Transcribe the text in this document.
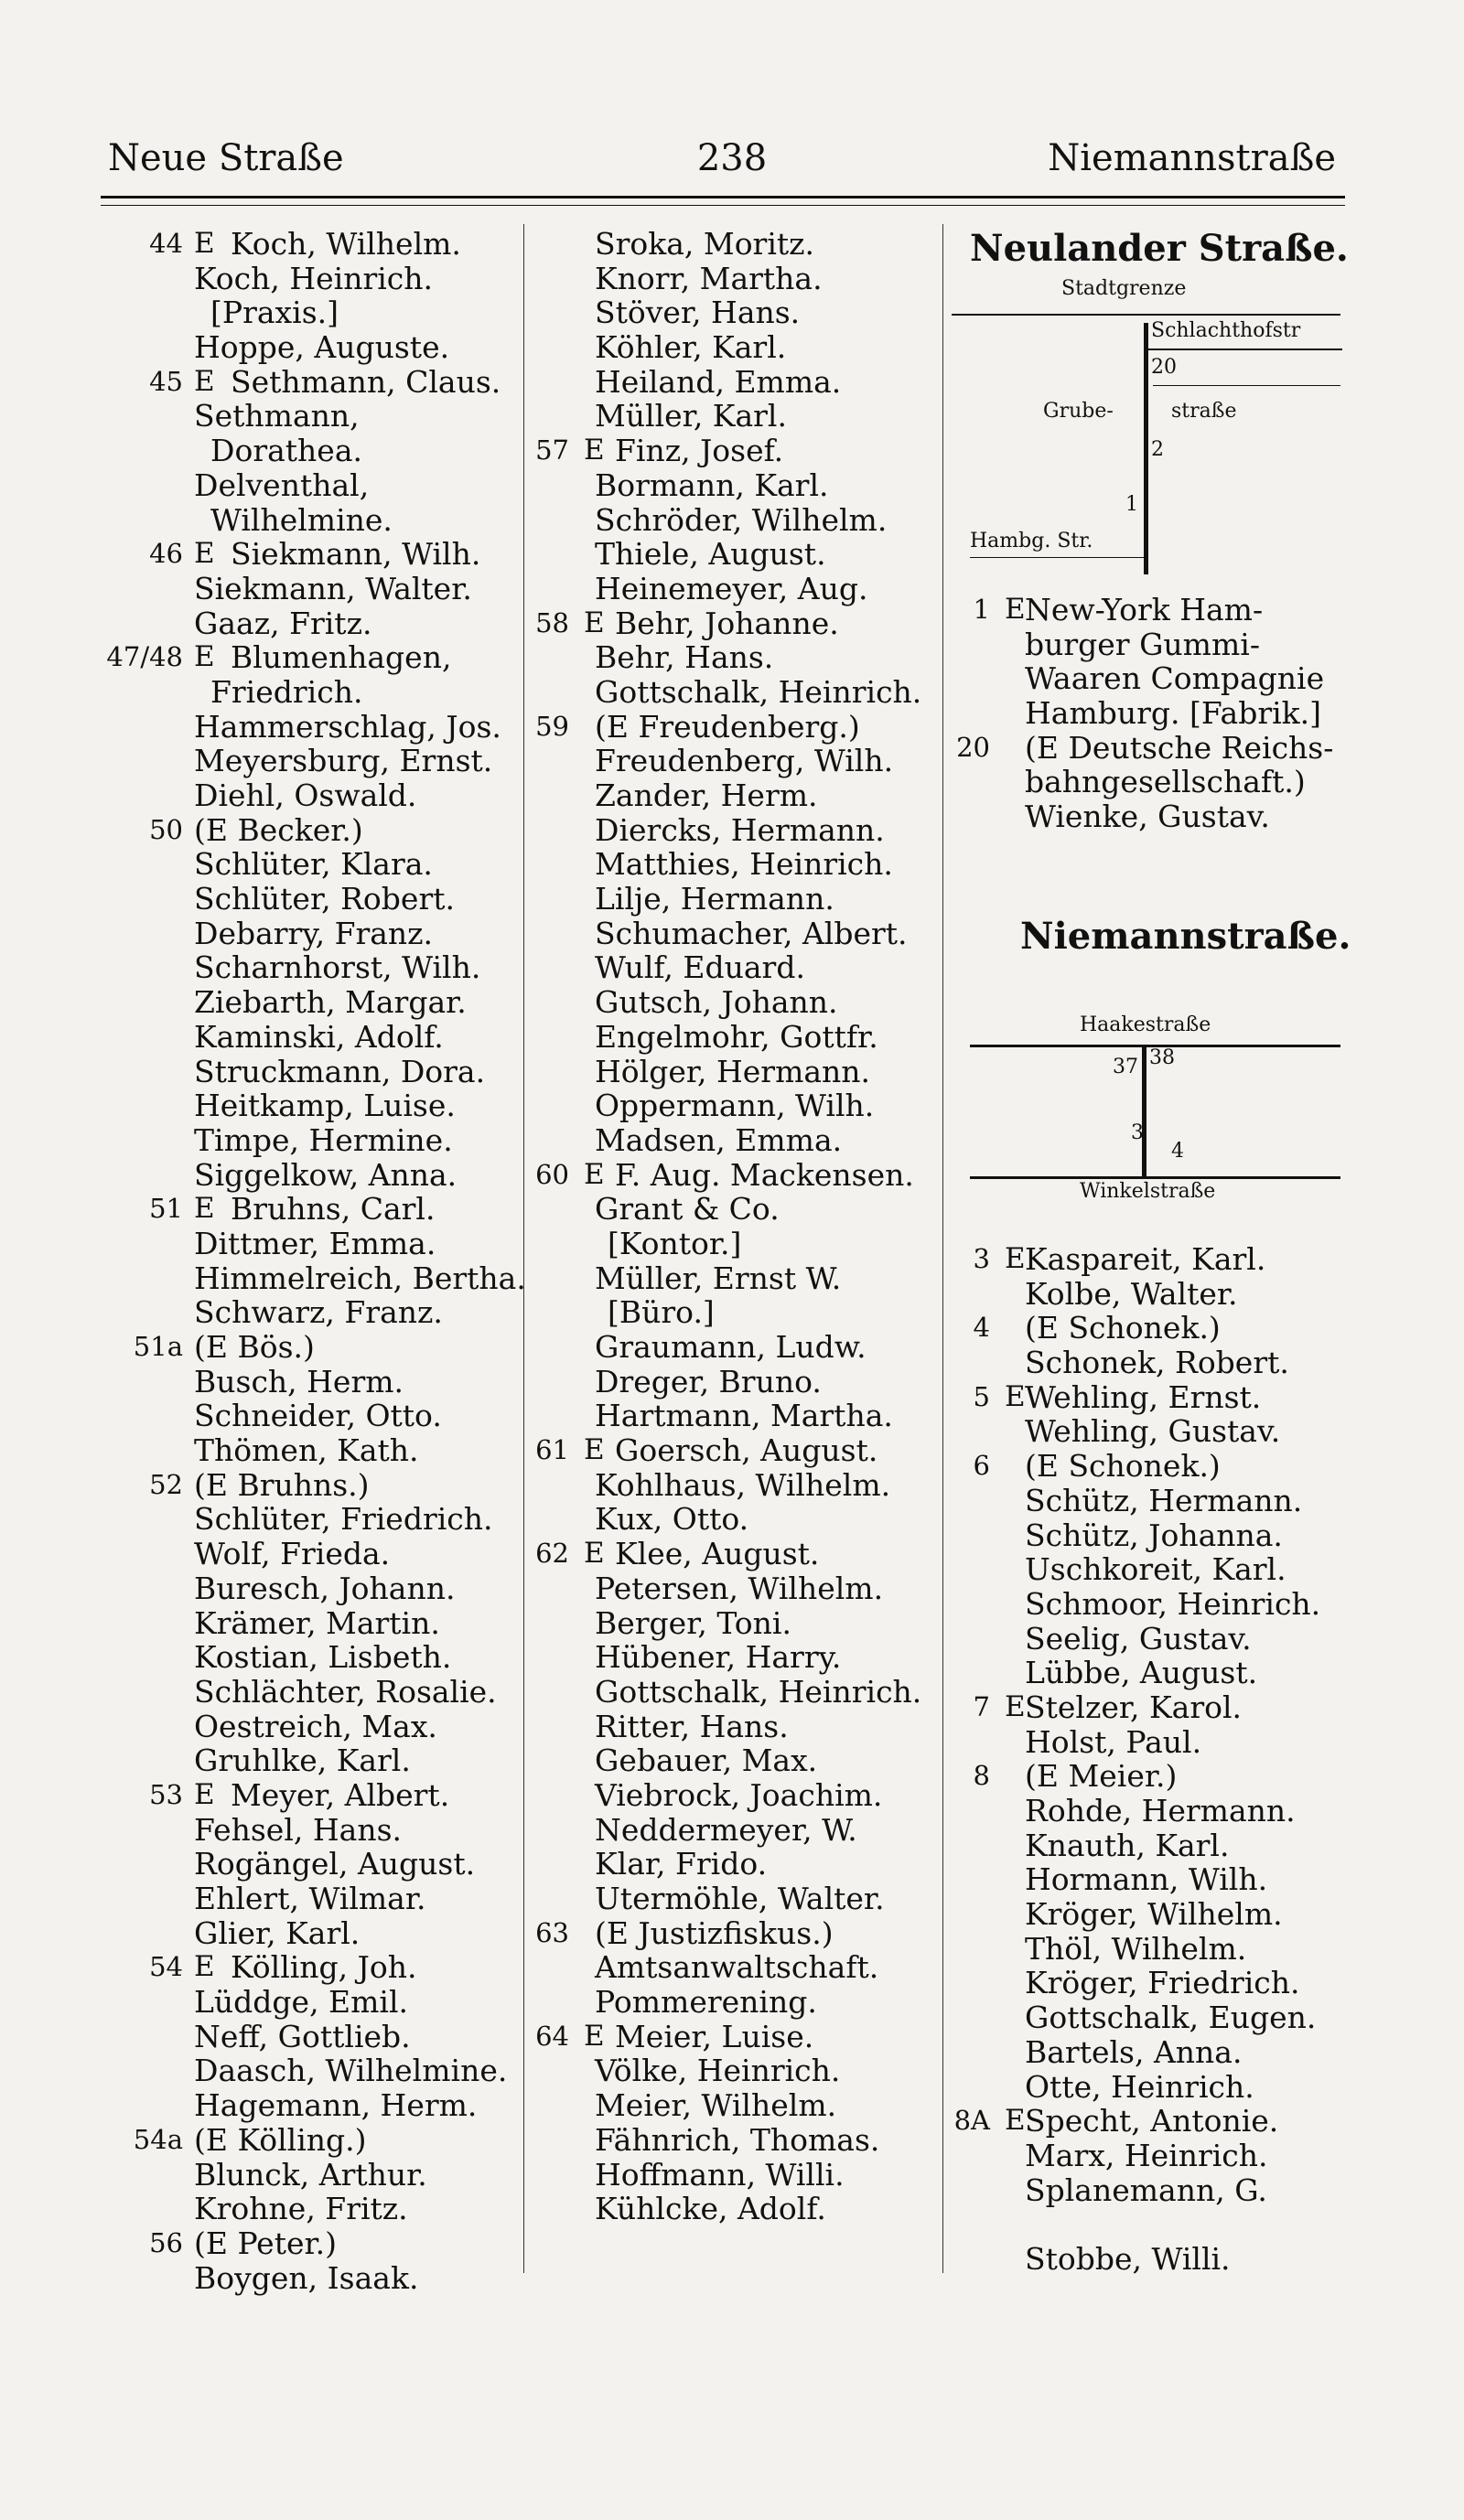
Neue Straße	238	Niemannstraße
44 E Koch, Wilhelm.
Koch, Heinrich.
[Praxis.]
Hoppe, Auguste.
45 E Sethmann, Claus.
Sethmann,
Dorathea.
Delventhal,
Wilhelmine.
46 E Siekmann, Wilh.
Siekmann, Walter.
Gaaz, Fritz.
47/48 E Blumenhagen,
Friedrich.
Hammerschlag, Jos.
Meyersburg, Ernst.
Diehl, Oswald.
50 (E Becker.)
Schlüter, Klara.
Schlüter, Robert.
Debarry, Franz.
Scharnhorst, Wilh.
Ziebarth, Margar.
Kaminski, Adolf.
Struckmann, Dora.
Heitkamp, Luise.
Timpe, Hermine.
Siggelkow, Anna.
51 E Bruhns, Carl.
Dittmer, Emma.
Himmelreich, Bertha.
Schwarz, Franz.
51a (E Bös.)
Busch, Herm.
Schneider, Otto.
Thömen, Kath.
52 (E Bruhns.)
Schlüter, Friedrich.
Wolf, Frieda.
Buresch, Johann.
Krämer, Martin.
Kostian, Lisbeth.
Schlächter, Rosalie.
Oestreich, Max.
Gruhlke, Karl.
53 E Meyer, Albert.
Fehsel, Hans.
Rogängel, August.
Ehlert, Wilmar.
Glier, Karl.
54 E Kölling, Joh.
Lüddge, Emil.
Neff, Gottlieb.
Daasch, Wilhelmine.
Hagemann, Herm.
54a (E Kölling.)
Blunck, Arthur.
Krohne, Fritz.
56 (E Peter.)
Boygen, Isaak.
Sroka, Moritz.
Knorr, Martha.
Stöver, Hans.
Köhler, Karl.
Heiland, Emma.
Müller, Karl.
57 E Finz, Josef.
Bormann, Karl.
Schröder, Wilhelm.
Thiele, August.
Heinemeyer, Aug.
58 E Behr, Johanne.
Behr, Hans.
Gottschalk, Heinrich.
59 (E Freudenberg.)
Freudenberg, Wilh.
Zander, Herm.
Diercks, Hermann.
Matthies, Heinrich.
Lilje, Hermann.
Schumacher, Albert.
Wulf, Eduard.
Gutsch, Johann.
Engelmohr, Gottfr.
Hölger, Hermann.
Oppermann, Wilh.
Madsen, Emma.
60 E F. Aug. Mackensen.
Grant & Co.
[Kontor.]
Müller, Ernst W.
[Büro.]
Graumann, Ludw.
Dreger, Bruno.
Hartmann, Martha.
61 E Goersch, August.
Kohlhaus, Wilhelm.
Kux, Otto.
62 E Klee, August.
Petersen, Wilhelm.
Berger, Toni.
Hübener, Harry.
Gottschalk, Heinrich.
Ritter, Hans.
Gebauer, Max.
Viebrock, Joachim.
Neddermeyer, W.
Klar, Frido.
Utermöhle, Walter.
63 (E Justizfiskus.)
Amtsanwaltschaft.
Pommerening.
64 E Meier, Luise.
Völke, Heinrich.
Meier, Wilhelm.
Fähnrich, Thomas.
Hoffmann, Willi.
Kühlcke, Adolf.
Neulander Straße.
Stadtgrenze
Schlachthofstr
20
Grube-	straße
2
1
Hambg. Str.
1 E New-York Ham-
burger Gummi-
Waaren Compagnie
Hamburg. [Fabrik.]
20 (E Deutsche Reichs-
bahngesellschaft.)
Wienke, Gustav.
Niemannstraße.
Haakestraße
37 38
3
4
Winkelstraße
3 E Kaspareit, Karl.
Kolbe, Walter.
4 (E Schonek.)
Schonek, Robert.
5 E Wehling, Ernst.
Wehling, Gustav.
6 (E Schonek.)
Schütz, Hermann.
Schütz, Johanna.
Uschkoreit, Karl.
Schmoor, Heinrich.
Seelig, Gustav.
Lübbe, August.
7 E Stelzer, Karol.
Holst, Paul.
8 (E Meier.)
Rohde, Hermann.
Knauth, Karl.
Hormann, Wilh.
Kröger, Wilhelm.
Thöl, Wilhelm.
Kröger, Friedrich.
Gottschalk, Eugen.
Bartels, Anna.
Otte, Heinrich.
8A E Specht, Antonie.
Marx, Heinrich.
Splanemann, G.
Stobbe, Willi.
